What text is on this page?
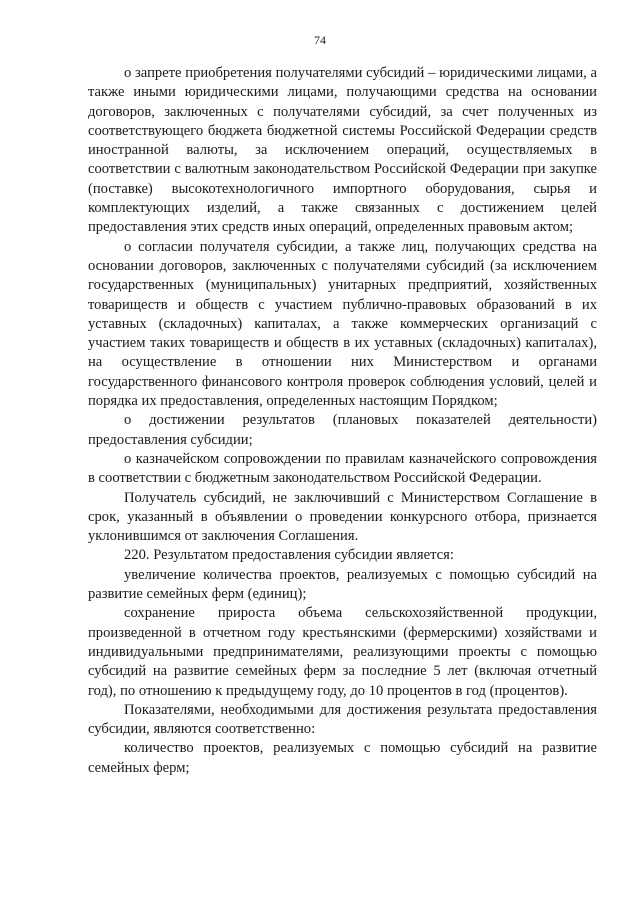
74

о запрете приобретения получателями субсидий – юридическими лицами, а также иными юридическими лицами, получающими средства на основании договоров, заключенных с получателями субсидий, за счет полученных из соответствующего бюджета бюджетной системы Российской Федерации средств иностранной валюты, за исключением операций, осуществляемых в соответствии с валютным законодательством Российской Федерации при закупке (поставке) высокотехнологичного импортного оборудования, сырья и комплектующих изделий, а также связанных с достижением целей предоставления этих средств иных операций, определенных правовым актом;

о согласии получателя субсидии, а также лиц, получающих средства на основании договоров, заключенных с получателями субсидий (за исключением государственных (муниципальных) унитарных предприятий, хозяйственных товариществ и обществ с участием публично-правовых образований в их уставных (складочных) капиталах, а также коммерческих организаций с участием таких товариществ и обществ в их уставных (складочных) капиталах), на осуществление в отношении них Министерством и органами государственного финансового контроля проверок соблюдения условий, целей и порядка их предоставления, определенных настоящим Порядком;

о достижении результатов (плановых показателей деятельности) предоставления субсидии;

о казначейском сопровождении по правилам казначейского сопровождения в соответствии с бюджетным законодательством Российской Федерации.

Получатель субсидий, не заключивший с Министерством Соглашение в срок, указанный в объявлении о проведении конкурсного отбора, признается уклонившимся от заключения Соглашения.

220. Результатом предоставления субсидии является:

увеличение количества проектов, реализуемых с помощью субсидий на развитие семейных ферм (единиц);

сохранение прироста объема сельскохозяйственной продукции, произведенной в отчетном году крестьянскими (фермерскими) хозяйствами и индивидуальными предпринимателями, реализующими проекты с помощью субсидий на развитие семейных ферм за последние 5 лет (включая отчетный год), по отношению к предыдущему году, до 10 процентов в год (процентов).

Показателями, необходимыми для достижения результата предоставления субсидии, являются соответственно:

количество проектов, реализуемых с помощью субсидий на развитие семейных ферм;
